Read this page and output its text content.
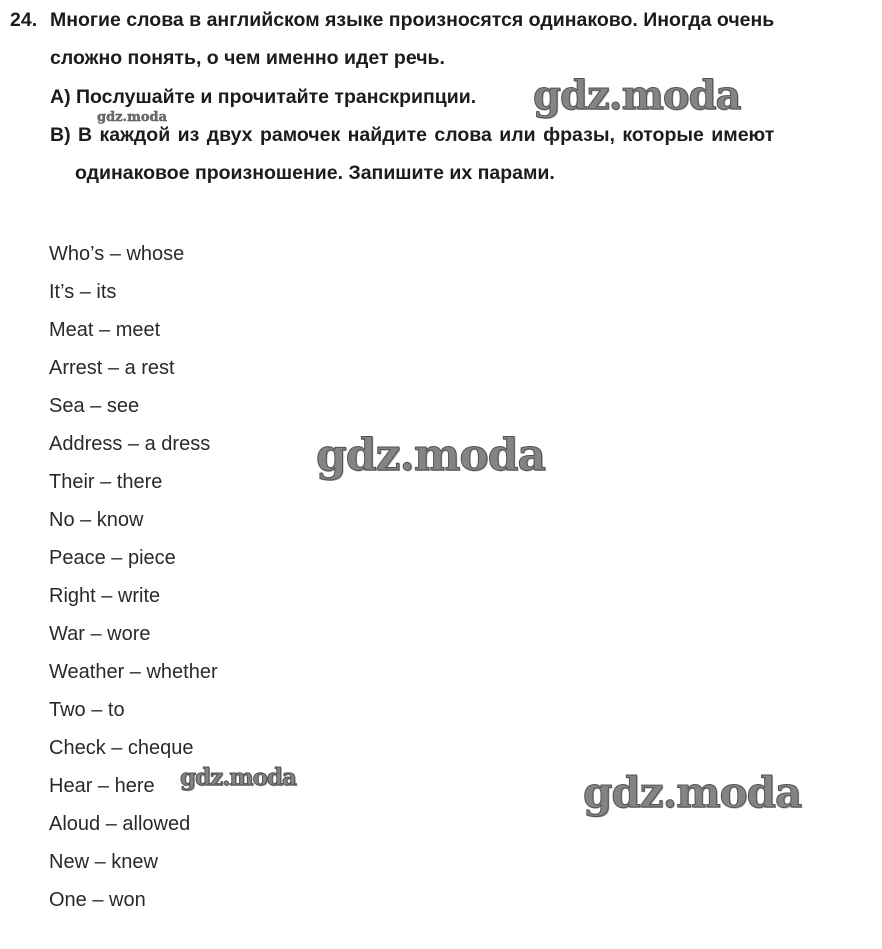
24. Многие слова в английском языке произносятся одинаково. Иногда очень
сложно понять, о чем именно идет речь.
A) Послушайте и прочитайте транскрипции.
B) В каждой из двух рамочек найдите слова или фразы, которые имеют
одинаковое произношение. Запишите их парами.
Who’s – whose
It’s – its
Meat – meet
Arrest – a rest
Sea – see
Address – a dress
Their – there
No – know
Peace – piece
Right – write
War – wore
Weather – whether
Two – to
Check – cheque
Hear – here
Aloud – allowed
New – knew
One – won
gdz.moda
gdz.moda
gdz.moda
gdz.moda	gdz.moda
